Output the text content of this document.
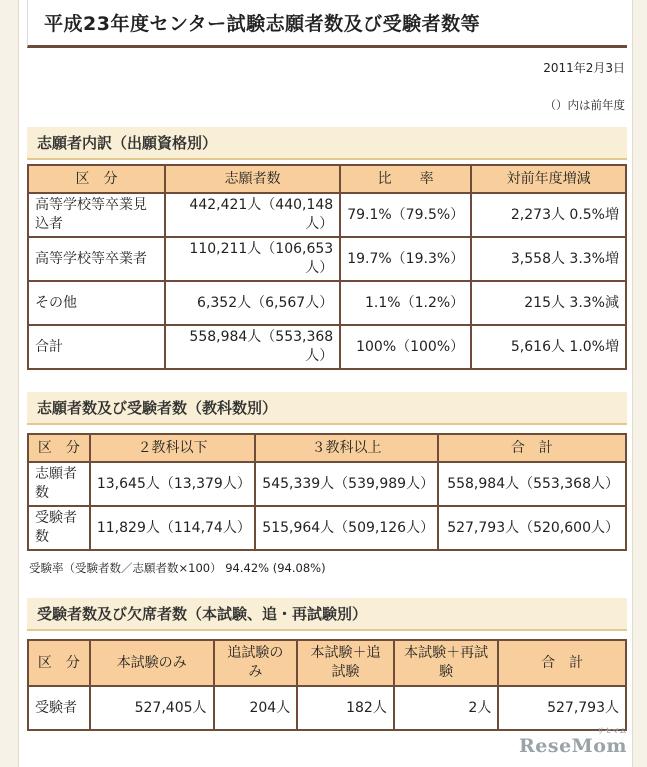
平成23年度センター試験志願者数及び受験者数等
2011年2月3日
（）内は前年度
志願者内訳（出願資格別）
区　分	志願者数	比　　率	対前年度増減
高等学校等卒業見込者	442,421人（440,148人）	79.1%（79.5%）	2,273人 0.5%増
高等学校等卒業者	110,211人（106,653人）	19.7%（19.3%）	3,558人 3.3%増
その他	6,352人（6,567人）	1.1%（1.2%）	215人 3.3%減
合計	558,984人（553,368人）	100%（100%）	5,616人 1.0%増
志願者数及び受験者数（教科数別）
区　分	２教科以下	３教科以上	合　計
志願者数	13,645人（13,379人）	545,339人（539,989人）	558,984人（553,368人）
受験者数	11,829人（114,74人）	515,964人（509,126人）	527,793人（520,600人）
受験率（受験者数／志願者数×100） 94.42% (94.08%)
受験者数及び欠席者数（本試験、追・再試験別）
区　分	本試験のみ	追試験のみ	本試験＋追試験	本試験＋再試験	合　計
受験者	527,405人	204人	182人	2人	527,793人
リセマム
ReseMom
